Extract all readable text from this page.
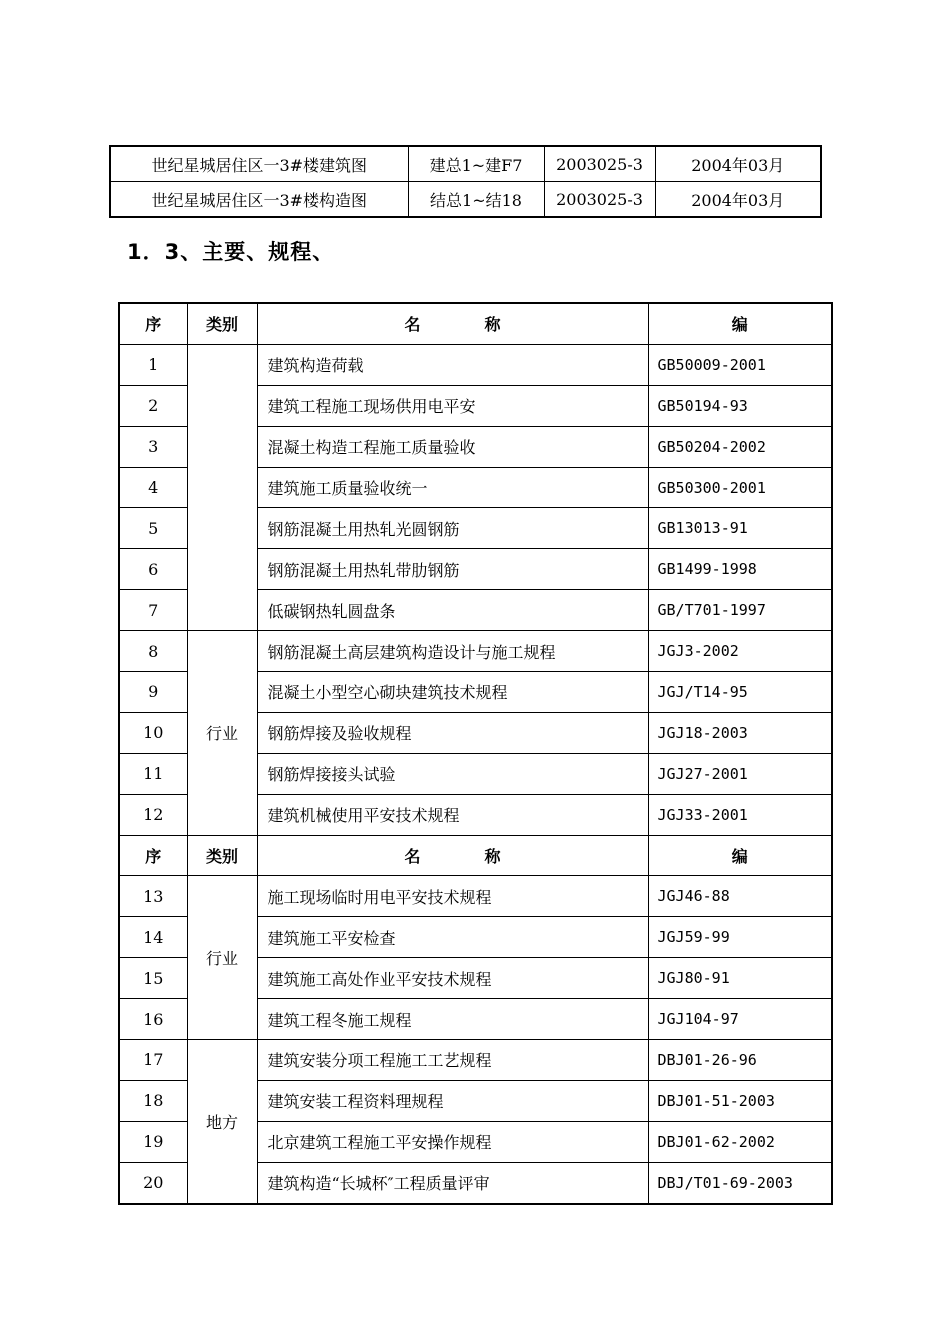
世纪星城居住区一3#楼建筑图	建总1~建F7	2003025-3	2004年03月
世纪星城居住区一3#楼构造图	结总1~结18	2003025-3	2004年03月
1．3、主要、规程、
序	类别	名 称	编
1		建筑构造荷载	GB50009-2001
2		建筑工程施工现场供用电平安	GB50194-93
3		混凝土构造工程施工质量验收	GB50204-2002
4		建筑施工质量验收统一	GB50300-2001
5		钢筋混凝土用热轧光圆钢筋	GB13013-91
6		钢筋混凝土用热轧带肋钢筋	GB1499-1998
7		低碳钢热轧圆盘条	GB/T701-1997
8	行业	钢筋混凝土高层建筑构造设计与施工规程	JGJ3-2002
9		混凝土小型空心砌块建筑技术规程	JGJ/T14-95
10		钢筋焊接及验收规程	JGJ18-2003
11		钢筋焊接接头试验	JGJ27-2001
12		建筑机械使用平安技术规程	JGJ33-2001
序	类别	名 称	编
13	行业	施工现场临时用电平安技术规程	JGJ46-88
14		建筑施工平安检查	JGJ59-99
15		建筑施工高处作业平安技术规程	JGJ80-91
16		建筑工程冬施工规程	JGJ104-97
17	地方	建筑安装分项工程施工工艺规程	DBJ01-26-96
18		建筑安装工程资料理规程	DBJ01-51-2003
19		北京建筑工程施工平安操作规程	DBJ01-62-2002
20		建筑构造“长城杯″工程质量评审	DBJ/T01-69-2003
